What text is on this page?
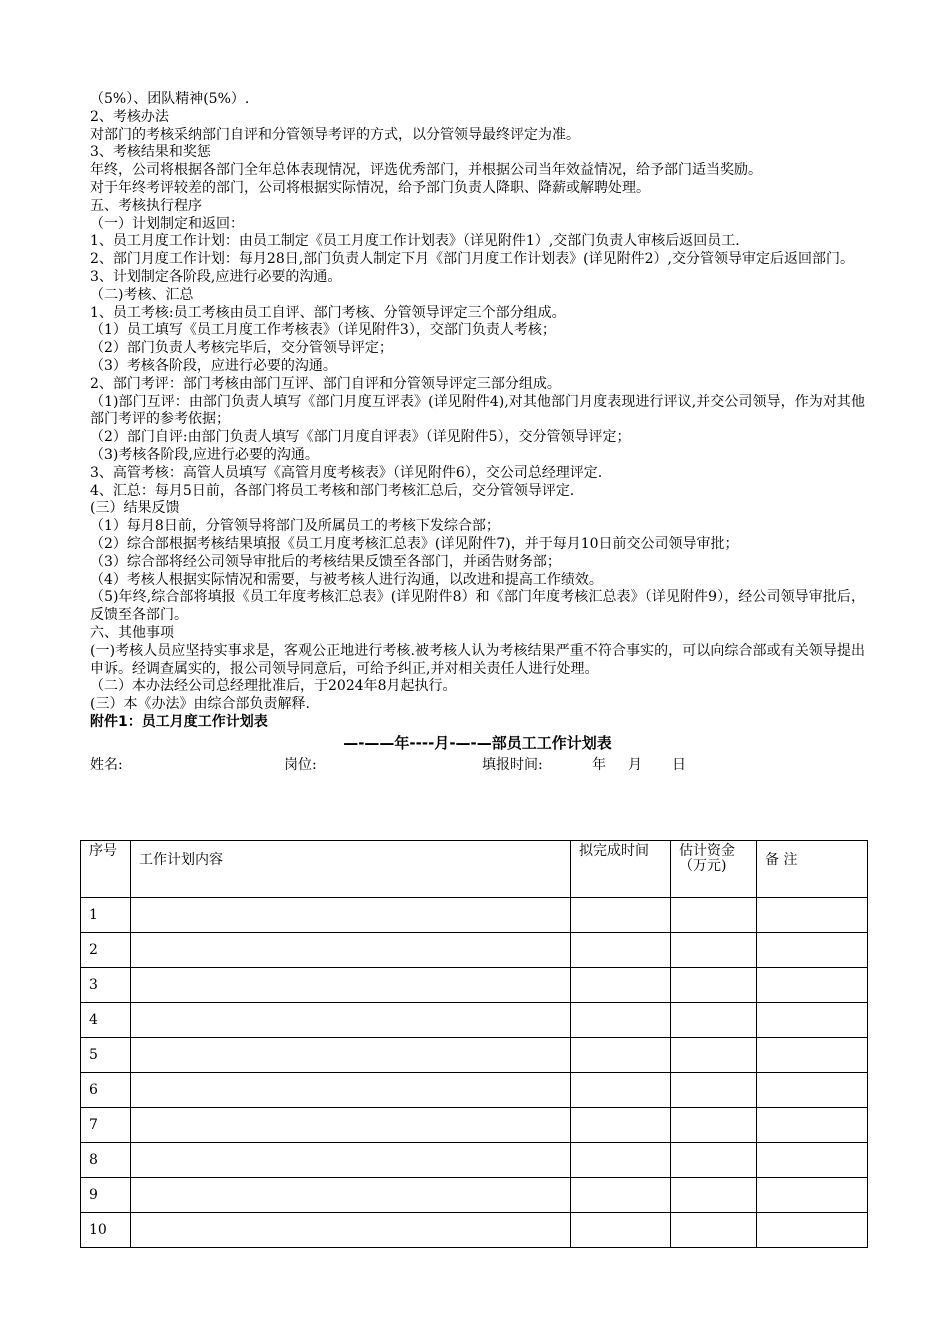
（5%）、团队精神(5%）.
2、考核办法
对部门的考核采纳部门自评和分管领导考评的方式，以分管领导最终评定为准。
3、考核结果和奖惩
年终，公司将根据各部门全年总体表现情况，评选优秀部门，并根据公司当年效益情况，给予部门适当奖励。
对于年终考评较差的部门，公司将根据实际情况，给予部门负责人降职、降薪或解聘处理。
五、考核执行程序
（一）计划制定和返回：
1、员工月度工作计划：由员工制定《员工月度工作计划表》（详见附件1）,交部门负责人审核后返回员工.
2、部门月度工作计划：每月28日,部门负责人制定下月《部门月度工作计划表》(详见附件2）,交分管领导审定后返回部门。
3、计划制定各阶段,应进行必要的沟通。
（二)考核、汇总
1、员工考核:员工考核由员工自评、部门考核、分管领导评定三个部分组成。
（1）员工填写《员工月度工作考核表》（详见附件3），交部门负责人考核；
（2）部门负责人考核完毕后，交分管领导评定；
（3）考核各阶段，应进行必要的沟通。
2、部门考评：部门考核由部门互评、部门自评和分管领导评定三部分组成。
（1)部门互评：由部门负责人填写《部门月度互评表》(详见附件4),对其他部门月度表现进行评议,并交公司领导，作为对其他部门考评的参考依据；
（2）部门自评:由部门负责人填写《部门月度自评表》（详见附件5），交分管领导评定；
（3)考核各阶段,应进行必要的沟通。
3、高管考核：高管人员填写《高管月度考核表》（详见附件6），交公司总经理评定.
4、汇总：每月5日前，各部门将员工考核和部门考核汇总后，交分管领导评定.
(三）结果反馈
（1）每月8日前，分管领导将部门及所属员工的考核下发综合部；
（2）综合部根据考核结果填报《员工月度考核汇总表》(详见附件7)，并于每月10日前交公司领导审批；
（3）综合部将经公司领导审批后的考核结果反馈至各部门，并函告财务部；
（4）考核人根据实际情况和需要，与被考核人进行沟通，以改进和提高工作绩效。
（5)年终,综合部将填报《员工年度考核汇总表》(详见附件8）和《部门年度考核汇总表》（详见附件9），经公司领导审批后，反馈至各部门。
六、其他事项
(一)考核人员应坚持实事求是，客观公正地进行考核.被考核人认为考核结果严重不符合事实的，可以向综合部或有关领导提出申诉。经调查属实的，报公司领导同意后，可给予纠正,并对相关责任人进行处理。
（二）本办法经公司总经理批准后，于2024年8月起执行。
(三）本《办法》由综合部负责解释.
附件1：员工月度工作计划表
—-——年----月-—-—部员工工作计划表
姓名:	岗位:	填报时间:	年 月 日
序号	工作计划内容	拟完成时间	估计资金（万元)	备 注
1				
2				
3				
4				
5				
6				
7				
8				
9				
10				
